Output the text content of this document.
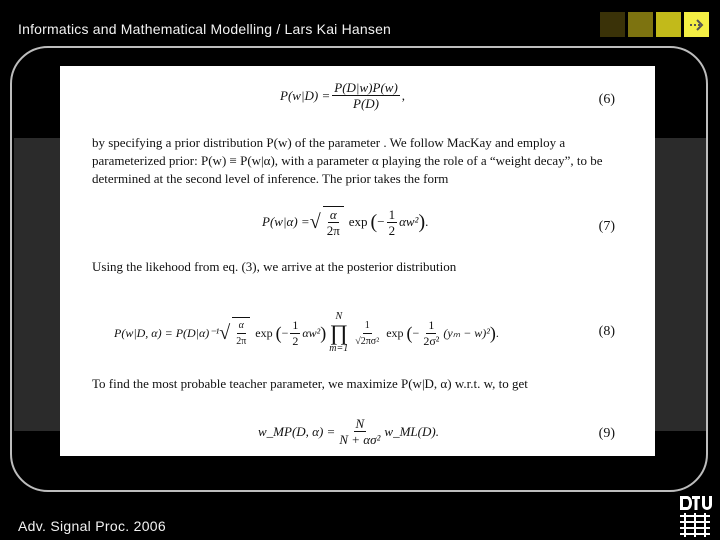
Informatics and Mathematical Modelling / Lars Kai Hansen
$P(w|D) = \frac{P(D|w)P(w)}{P(D)}$ ,	(6)
by specifying a prior distribution P(w) of the parameter . We follow MacKay and employ a parameterized prior: P(w) ≡ P(w|α), with a parameter α playing the role of a “weight decay”, to be determined at the second level of inference. The prior takes the form
P(w|α) = √ $\frac{\alpha}{2\pi}$ exp ( − $\frac{1}{2} \alpha w^2$ ) .	(7)
Using the likehood from eq. (3), we arrive at the posterior distribution
P(w|D, α) = P(D|α)⁻¹ √ $\frac{\alpha}{2\pi}$ exp ( − $\frac{1}{2} \alpha w^2$ )
N
∏
$m=1 \frac{1}{\text{√2πσ²}}$ exp ( − $\frac{1}{\text{2σ²}} (y_m - w)^2$ ) .	(8)
To find the most probable teacher parameter, we maximize P(w|D, α) w.r.t. w, to get
w_MP(D, $\alpha) = \frac{N}{\text{N + ασ²}}$ w_ML(D).	(9)
Adv. Signal Proc. 2006
